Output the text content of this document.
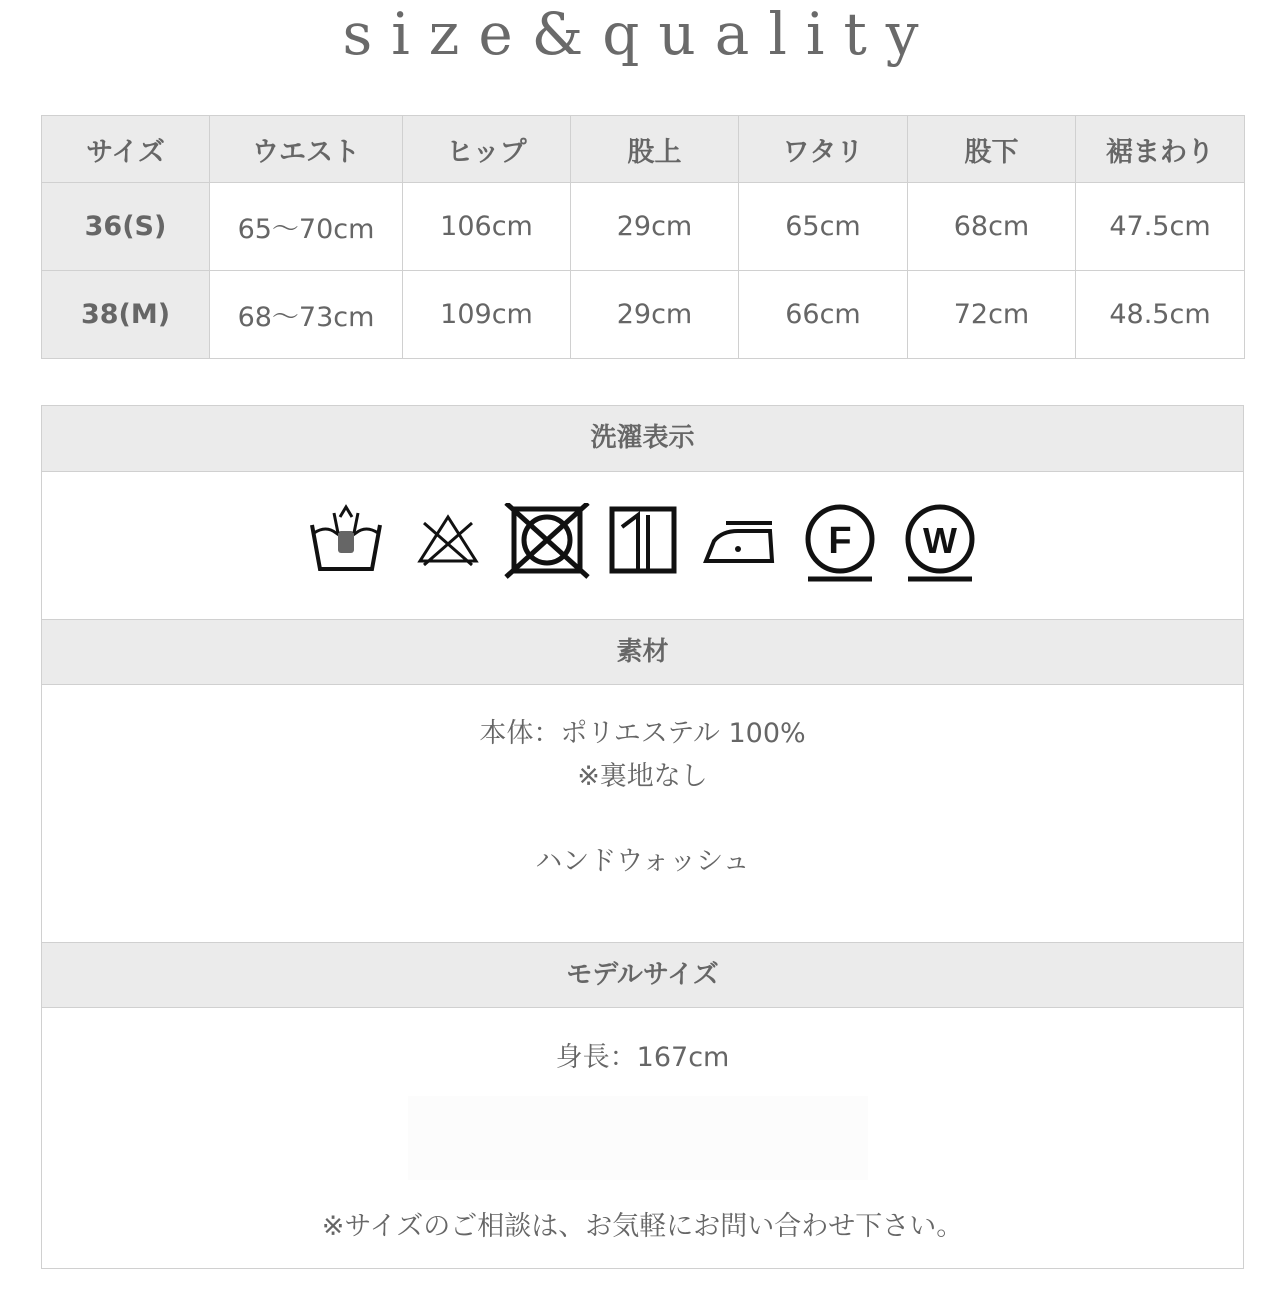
size&quality
サイズ	ウエスト	ヒップ	股上	ワタリ	股下	裾まわり
36(S)	65〜70cm	106cm	29cm	65cm	68cm	47.5cm
38(M)	68〜73cm	109cm	29cm	66cm	72cm	48.5cm
洗濯表示
F W
素材
本体：ポリエステル 100%
※裏地なし
ハンドウォッシュ
モデルサイズ
身長：167cm
※サイズのご相談は、お気軽にお問い合わせ下さい。
